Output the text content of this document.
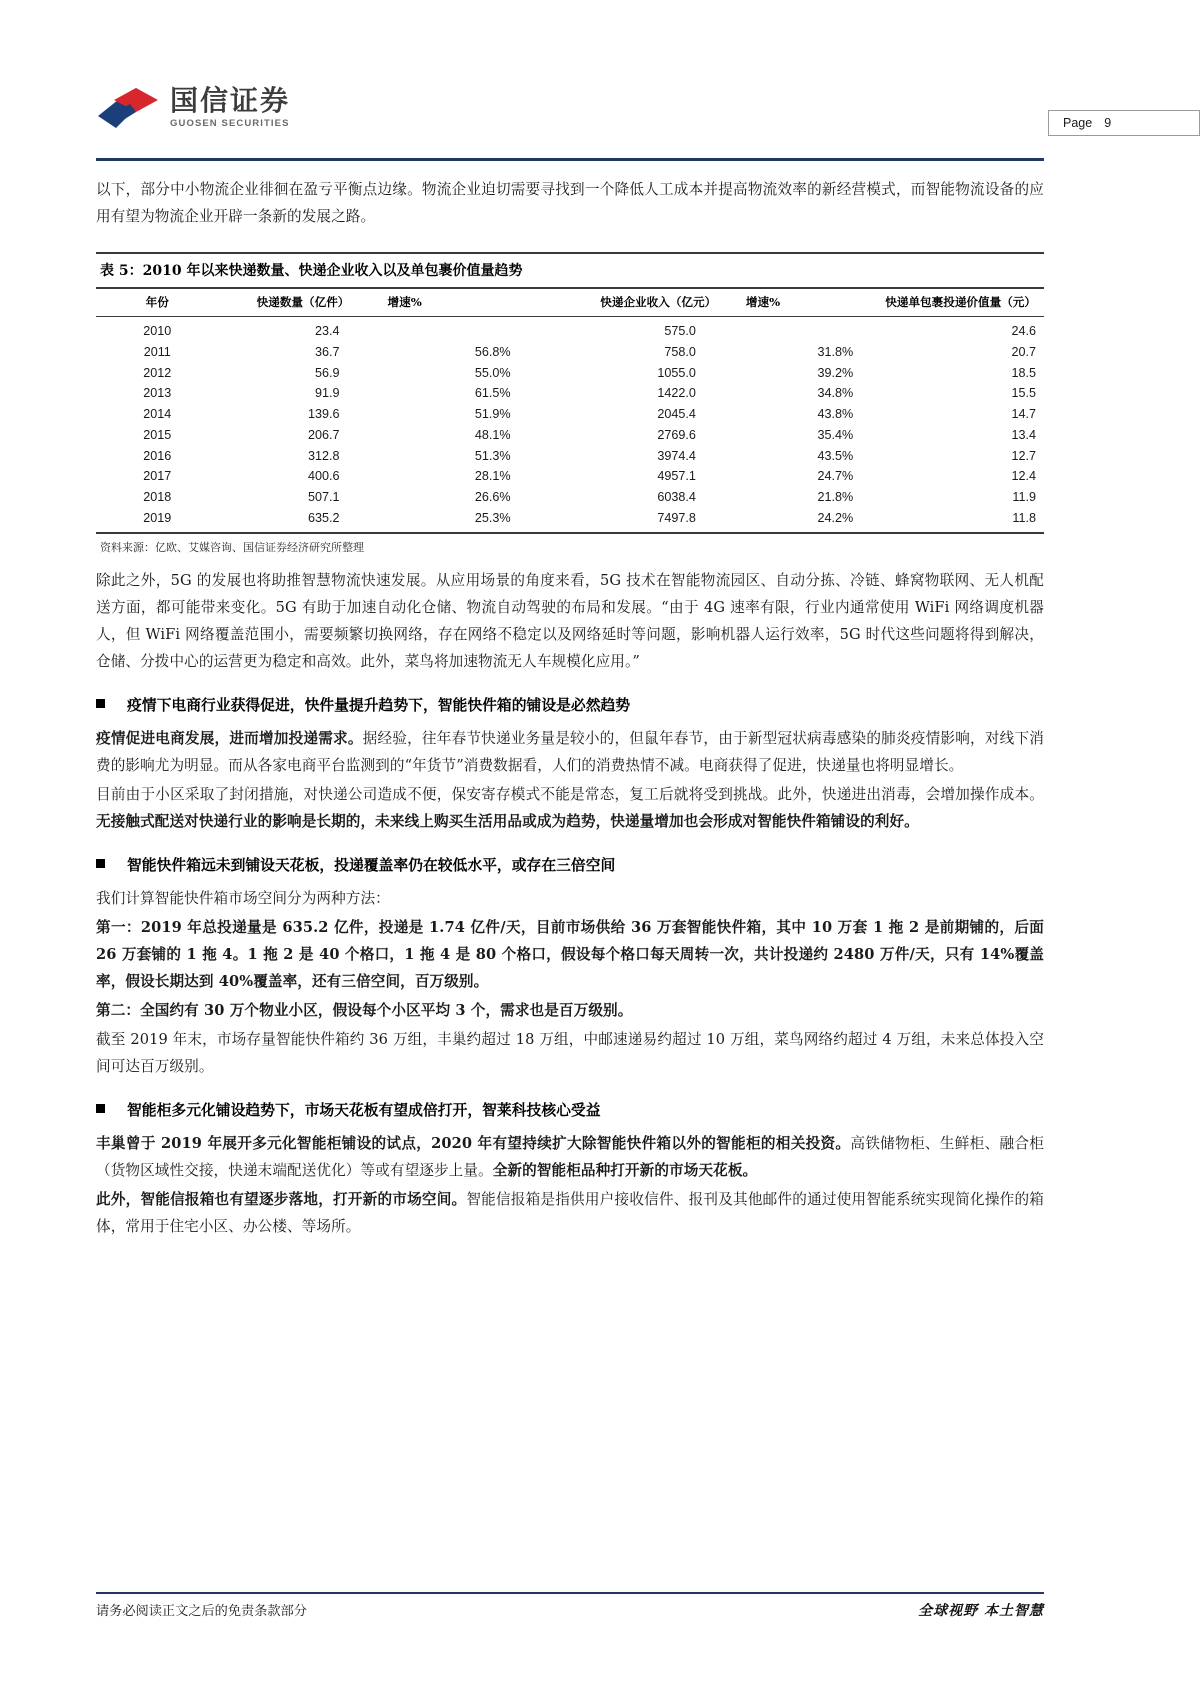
国信证券
GUOSEN SECURITIES	Page 9

以下，部分中小物流企业徘徊在盈亏平衡点边缘。物流企业迫切需要寻找到一个降低人工成本并提高物流效率的新经营模式，而智能物流设备的应用有望为物流企业开辟一条新的发展之路。

表 5：2010 年以来快递数量、快递企业收入以及单包裹价值量趋势
年份	快递数量（亿件）	增速%	快递企业收入（亿元）	增速%	快递单包裹投递价值量（元）
2010	23.4		575.0		24.6
2011	36.7	56.8%	758.0	31.8%	20.7
2012	56.9	55.0%	1055.0	39.2%	18.5
2013	91.9	61.5%	1422.0	34.8%	15.5
2014	139.6	51.9%	2045.4	43.8%	14.7
2015	206.7	48.1%	2769.6	35.4%	13.4
2016	312.8	51.3%	3974.4	43.5%	12.7
2017	400.6	28.1%	4957.1	24.7%	12.4
2018	507.1	26.6%	6038.4	21.8%	11.9
2019	635.2	25.3%	7497.8	24.2%	11.8
资料来源：亿欧、艾媒咨询、国信证券经济研究所整理

除此之外，5G 的发展也将助推智慧物流快速发展。从应用场景的角度来看，5G 技术在智能物流园区、自动分拣、冷链、蜂窝物联网、无人机配送方面，都可能带来变化。5G 有助于加速自动化仓储、物流自动驾驶的布局和发展。“由于 4G 速率有限，行业内通常使用 WiFi 网络调度机器人，但 WiFi 网络覆盖范围小，需要频繁切换网络，存在网络不稳定以及网络延时等问题，影响机器人运行效率，5G 时代这些问题将得到解决，仓储、分拨中心的运营更为稳定和高效。此外，菜鸟将加速物流无人车规模化应用。”

疫情下电商行业获得促进，快件量提升趋势下，智能快件箱的铺设是必然趋势

疫情促进电商发展，进而增加投递需求。据经验，往年春节快递业务量是较小的，但鼠年春节，由于新型冠状病毒感染的肺炎疫情影响，对线下消费的影响尤为明显。而从各家电商平台监测到的“年货节”消费数据看，人们的消费热情不减。电商获得了促进，快递量也将明显增长。

目前由于小区采取了封闭措施，对快递公司造成不便，保安寄存模式不能是常态，复工后就将受到挑战。此外，快递进出消毒，会增加操作成本。无接触式配送对快递行业的影响是长期的，未来线上购买生活用品或成为趋势，快递量增加也会形成对智能快件箱铺设的利好。

智能快件箱远未到铺设天花板，投递覆盖率仍在较低水平，或存在三倍空间

我们计算智能快件箱市场空间分为两种方法：

第一：2019 年总投递量是 635.2 亿件，投递是 1.74 亿件/天，目前市场供给 36 万套智能快件箱，其中 10 万套 1 拖 2 是前期铺的，后面 26 万套铺的 1 拖 4。1 拖 2 是 40 个格口，1 拖 4 是 80 个格口，假设每个格口每天周转一次，共计投递约 2480 万件/天，只有 14%覆盖率，假设长期达到 40%覆盖率，还有三倍空间，百万级别。

第二：全国约有 30 万个物业小区，假设每个小区平均 3 个，需求也是百万级别。

截至 2019 年末，市场存量智能快件箱约 36 万组，丰巢约超过 18 万组，中邮速递易约超过 10 万组，菜鸟网络约超过 4 万组，未来总体投入空间可达百万级别。

智能柜多元化铺设趋势下，市场天花板有望成倍打开，智莱科技核心受益

丰巢曾于 2019 年展开多元化智能柜铺设的试点，2020 年有望持续扩大除智能快件箱以外的智能柜的相关投资。高铁储物柜、生鲜柜、融合柜（货物区域性交接，快递末端配送优化）等或有望逐步上量。全新的智能柜品种打开新的市场天花板。

此外，智能信报箱也有望逐步落地，打开新的市场空间。智能信报箱是指供用户接收信件、报刊及其他邮件的通过使用智能系统实现简化操作的箱体，常用于住宅小区、办公楼、等场所。

请务必阅读正文之后的免责条款部分	全球视野 本土智慧
